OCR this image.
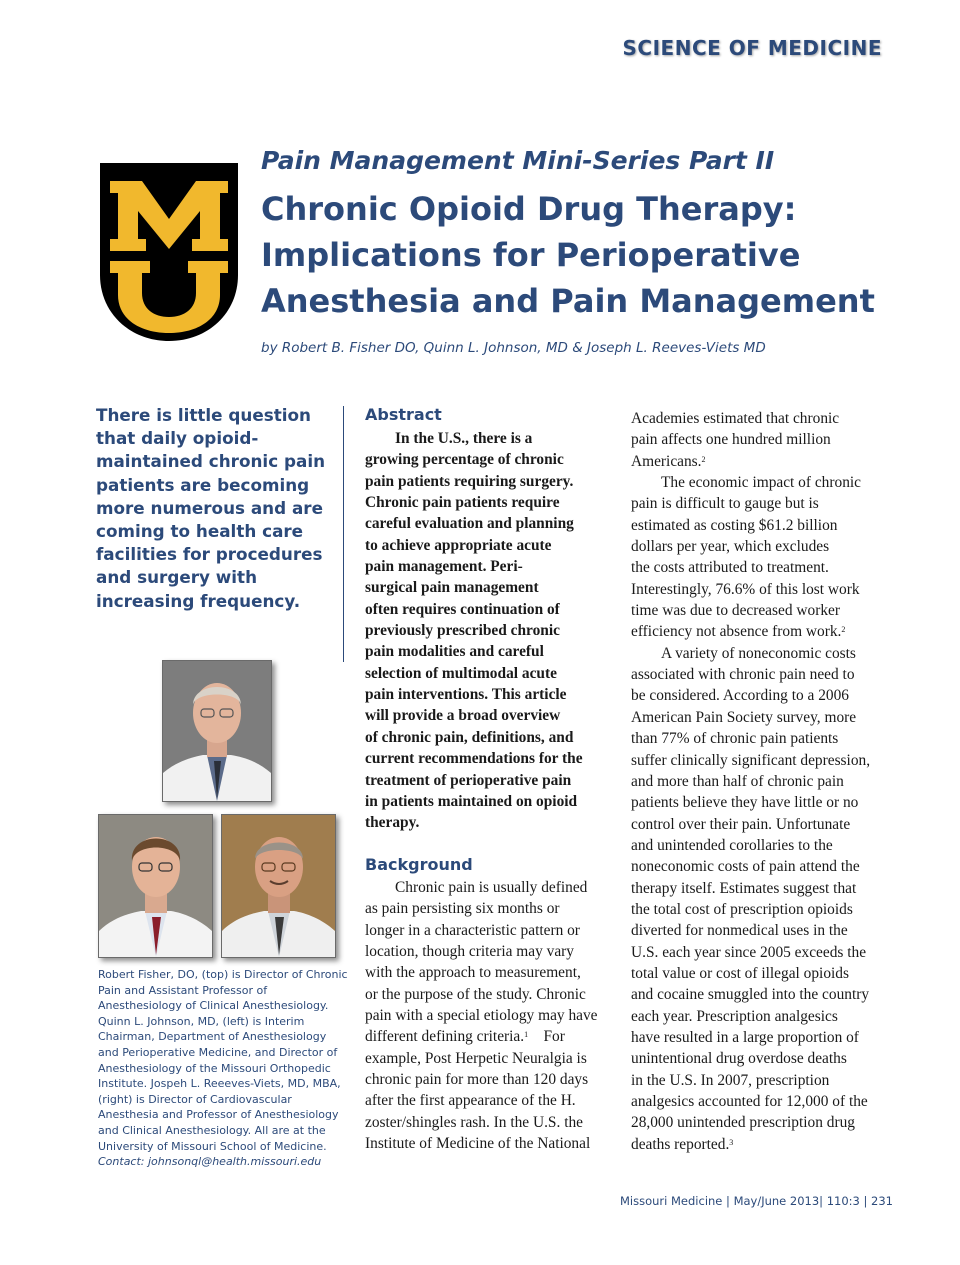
SCIENCE OF MEDICINE
Pain Management Mini-Series Part II
Chronic Opioid Drug Therapy:
Implications for Perioperative
Anesthesia and Pain Management
by Robert B. Fisher DO, Quinn L. Johnson, MD & Joseph L. Reeves-Viets MD
There is little question that daily opioid-maintained chronic pain patients are becoming more numerous and are coming to health care facilities for procedures and surgery with increasing frequency.
Robert Fisher, DO, (top) is Director of Chronic Pain and Assistant Professor of Anesthesiology of Clinical Anesthesiology. Quinn L. Johnson, MD, (left) is Interim Chairman, Department of Anesthesiology and Perioperative Medicine, and Director of Anesthesiology of the Missouri Orthopedic Institute. Jospeh L. Reeeves-Viets, MD, MBA, (right) is Director of Cardiovascular Anesthesia and Professor of Anesthesiology and Clinical Anesthesiology. All are at the University of Missouri School of Medicine.
Contact: johnsonql@health.missouri.edu
Abstract
In the U.S., there is a
growing percentage of chronic
pain patients requiring surgery.
Chronic pain patients require
careful evaluation and planning
to achieve appropriate acute
pain management. Peri-
surgical pain management
often requires continuation of
previously prescribed chronic
pain modalities and careful
selection of multimodal acute
pain interventions. This article
will provide a broad overview
of chronic pain, definitions, and
current recommendations for the
treatment of perioperative pain
in patients maintained on opioid
therapy.
Background
Chronic pain is usually defined
as pain persisting six months or
longer in a characteristic pattern or
location, though criteria may vary
with the approach to measurement,
or the purpose of the study. Chronic
pain with a special etiology may have
different defining criteria.$^1$ For
example, Post Herpetic Neuralgia is
chronic pain for more than 120 days
after the first appearance of the H.
zoster/shingles rash. In the U.S. the
Institute of Medicine of the National
Academies estimated that chronic
pain affects one hundred million
Americans.$^2$
The economic impact of chronic
pain is difficult to gauge but is
estimated as costing $61.2 billion
dollars per year, which excludes
the costs attributed to treatment.
Interestingly, 76.6% of this lost work
time was due to decreased worker
efficiency not absence from work.$^2$
A variety of noneconomic costs
associated with chronic pain need to
be considered. According to a 2006
American Pain Society survey, more
than 77% of chronic pain patients
suffer clinically significant depression,
and more than half of chronic pain
patients believe they have little or no
control over their pain. Unfortunate
and unintended corollaries to the
noneconomic costs of pain attend the
therapy itself. Estimates suggest that
the total cost of prescription opioids
diverted for nonmedical uses in the
U.S. each year since 2005 exceeds the
total value or cost of illegal opioids
and cocaine smuggled into the country
each year. Prescription analgesics
have resulted in a large proportion of
unintentional drug overdose deaths
in the U.S. In 2007, prescription
analgesics accounted for 12,000 of the
28,000 unintended prescription drug
deaths reported.$^3$
Missouri Medicine | May/June 2013| 110:3 | 231
